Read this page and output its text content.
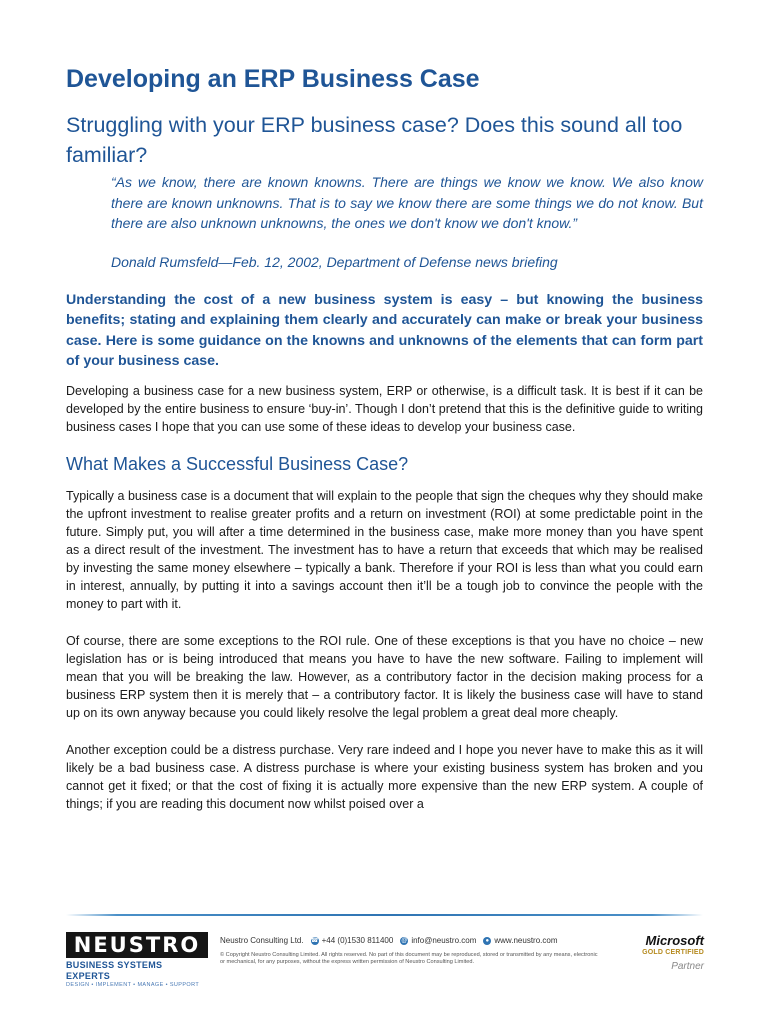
Developing an ERP Business Case
Struggling with your ERP business case? Does this sound all too familiar?

“As we know, there are known knowns. There are things we know we know. We also know there are known unknowns. That is to say we know there are some things we do not know. But there are also unknown unknowns, the ones we don't know we don't know.”

Donald Rumsfeld—Feb. 12, 2002, Department of Defense news briefing

Understanding the cost of a new business system is easy – but knowing the business benefits; stating and explaining them clearly and accurately can make or break your business case. Here is some guidance on the knowns and unknowns of the elements that can form part of your business case.

Developing a business case for a new business system, ERP or otherwise, is a difficult task. It is best if it can be developed by the entire business to ensure ‘buy-in’. Though I don’t pretend that this is the definitive guide to writing business cases I hope that you can use some of these ideas to develop your business case.

What Makes a Successful Business Case?

Typically a business case is a document that will explain to the people that sign the cheques why they should make the upfront investment to realise greater profits and a return on investment (ROI) at some predictable point in the future. Simply put, you will after a time determined in the business case, make more money than you have spent as a direct result of the investment. The investment has to have a return that exceeds that which may be realised by investing the same money elsewhere – typically a bank. Therefore if your ROI is less than what you could earn in interest, annually, by putting it into a savings account then it’ll be a tough job to convince the people with the money to part with it.

Of course, there are some exceptions to the ROI rule. One of these exceptions is that you have no choice – new legislation has or is being introduced that means you have to have the new software. Failing to implement will mean that you will be breaking the law. However, as a contributory factor in the decision making process for a business ERP system then it is merely that – a contributory factor. It is likely the business case will have to stand up on its own anyway because you could likely resolve the legal problem a great deal more cheaply.

Another exception could be a distress purchase. Very rare indeed and I hope you never have to make this as it will likely be a bad business case. A distress purchase is where your existing business system has broken and you cannot get it fixed; or that the cost of fixing it is actually more expensive than the new ERP system. A couple of things; if you are reading this document now whilst poised over a

NEUSTRO
BUSINESS SYSTEMS EXPERTS
DESIGN • IMPLEMENT • MANAGE • SUPPORT
Neustro Consulting Ltd. ☎ +44 (0)1530 811400 @ info@neustro.com	● www.neustro.com
© Copyright Neustro Consulting Limited. All rights reserved. No part of this document may be reproduced, stored or transmitted by any means, electronic or mechanical, for any purposes, without the express written permission of Neustro Consulting Limited.
Microsoft
GOLD CERTIFIED
Partner
